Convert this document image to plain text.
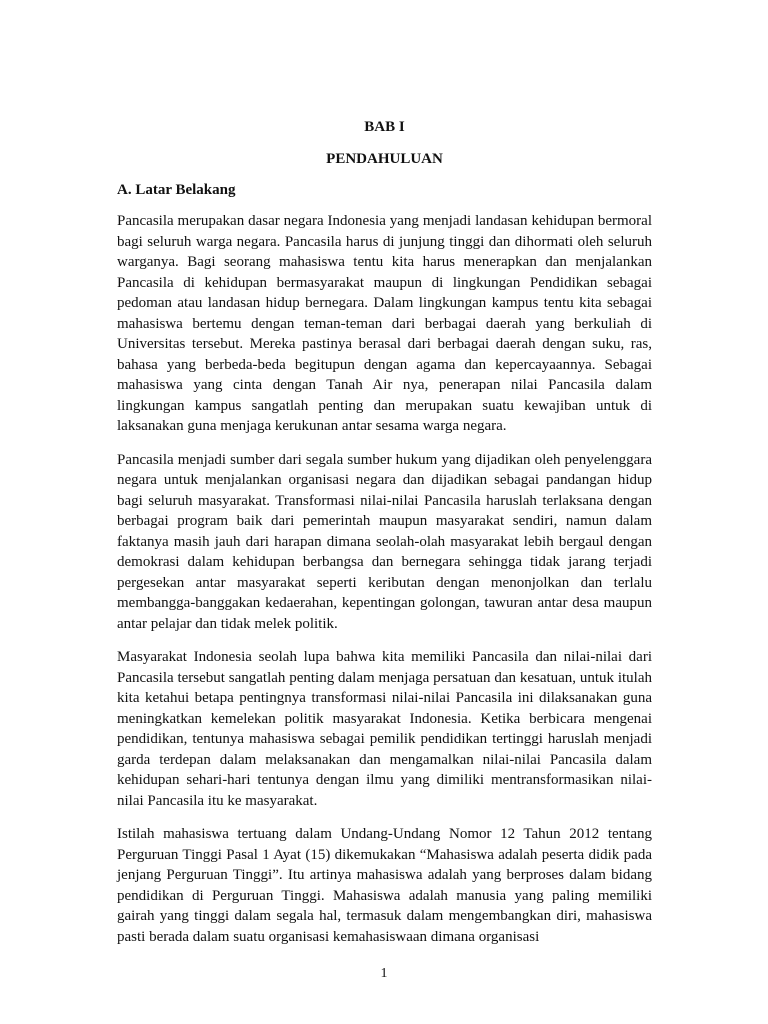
BAB I
PENDAHULUAN
A. Latar Belakang

Pancasila merupakan dasar negara Indonesia yang menjadi landasan kehidupan bermoral bagi seluruh warga negara. Pancasila harus di junjung tinggi dan dihormati oleh seluruh warganya. Bagi seorang mahasiswa tentu kita harus menerapkan dan menjalankan Pancasila di kehidupan bermasyarakat maupun di lingkungan Pendidikan sebagai pedoman atau landasan hidup bernegara. Dalam lingkungan kampus tentu kita sebagai mahasiswa bertemu dengan teman-teman dari berbagai daerah yang berkuliah di Universitas tersebut. Mereka pastinya berasal dari berbagai daerah dengan suku, ras, bahasa yang berbeda-beda begitupun dengan agama dan kepercayaannya. Sebagai mahasiswa yang cinta dengan Tanah Air nya, penerapan nilai Pancasila dalam lingkungan kampus sangatlah penting dan merupakan suatu kewajiban untuk di laksanakan guna menjaga kerukunan antar sesama warga negara.

Pancasila menjadi sumber dari segala sumber hukum yang dijadikan oleh penyelenggara negara untuk menjalankan organisasi negara dan dijadikan sebagai pandangan hidup bagi seluruh masyarakat. Transformasi nilai-nilai Pancasila haruslah terlaksana dengan berbagai program baik dari pemerintah maupun masyarakat sendiri, namun dalam faktanya masih jauh dari harapan dimana seolah-olah masyarakat lebih bergaul dengan demokrasi dalam kehidupan berbangsa dan bernegara sehingga tidak jarang terjadi pergesekan antar masyarakat seperti keributan dengan menonjolkan dan terlalu membangga-banggakan kedaerahan, kepentingan golongan, tawuran antar desa maupun antar pelajar dan tidak melek politik.

Masyarakat Indonesia seolah lupa bahwa kita memiliki Pancasila dan nilai-nilai dari Pancasila tersebut sangatlah penting dalam menjaga persatuan dan kesatuan, untuk itulah kita ketahui betapa pentingnya transformasi nilai-nilai Pancasila ini dilaksanakan guna meningkatkan kemelekan politik masyarakat Indonesia. Ketika berbicara mengenai pendidikan, tentunya mahasiswa sebagai pemilik pendidikan tertinggi haruslah menjadi garda terdepan dalam melaksanakan dan mengamalkan nilai-nilai Pancasila dalam kehidupan sehari-hari tentunya dengan ilmu yang dimiliki mentransformasikan nilai-nilai Pancasila itu ke masyarakat.

Istilah mahasiswa tertuang dalam Undang-Undang Nomor 12 Tahun 2012 tentang Perguruan Tinggi Pasal 1 Ayat (15) dikemukakan “Mahasiswa adalah peserta didik pada jenjang Perguruan Tinggi”. Itu artinya mahasiswa adalah yang berproses dalam bidang pendidikan di Perguruan Tinggi. Mahasiswa adalah manusia yang paling memiliki gairah yang tinggi dalam segala hal, termasuk dalam mengembangkan diri, mahasiswa pasti berada dalam suatu organisasi kemahasiswaan dimana organisasi

1
